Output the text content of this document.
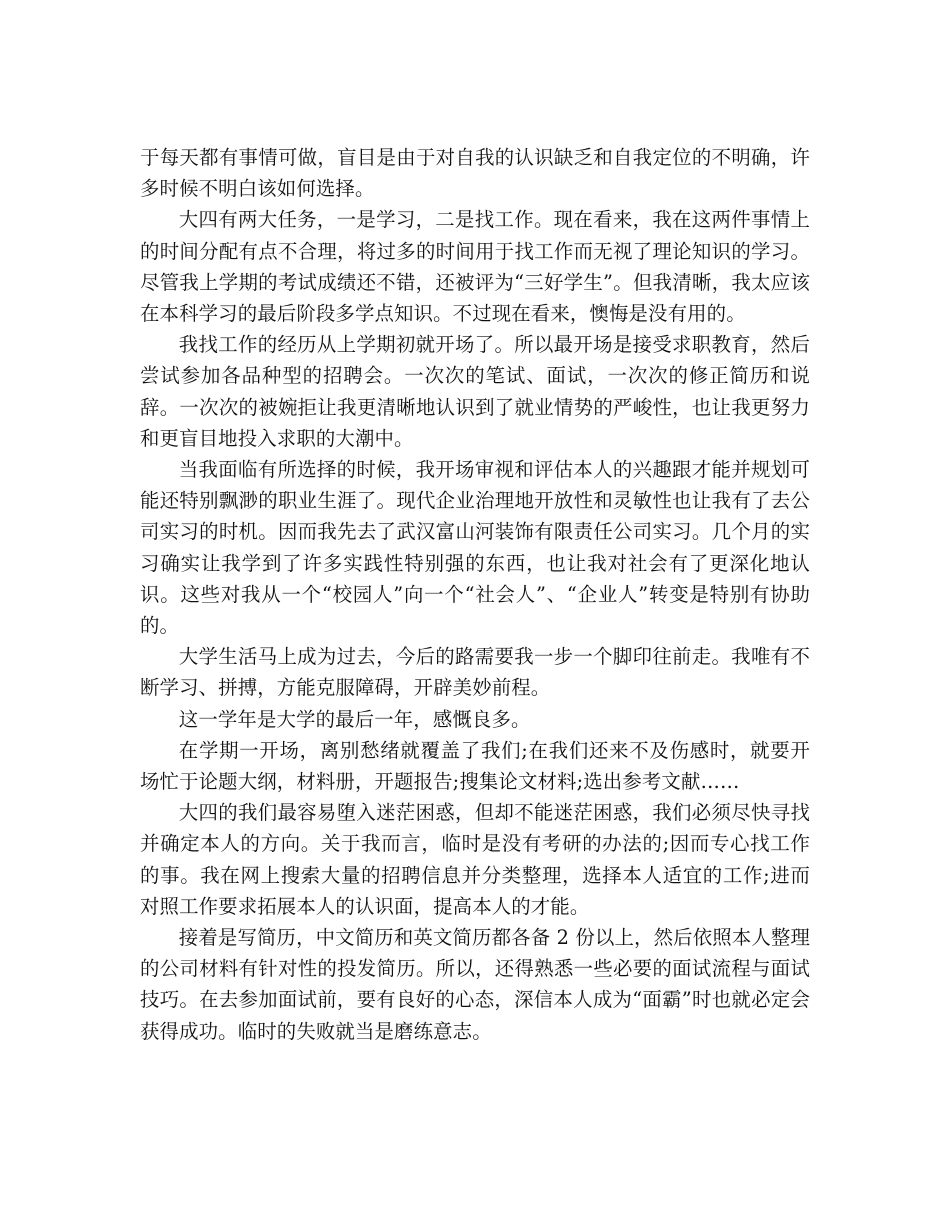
于每天都有事情可做，盲目是由于对自我的认识缺乏和自我定位的不明确，许多时候不明白该如何选择。

大四有两大任务，一是学习，二是找工作。现在看来，我在这两件事情上的时间分配有点不合理，将过多的时间用于找工作而无视了理论知识的学习。尽管我上学期的考试成绩还不错，还被评为“三好学生”。但我清晰，我太应该在本科学习的最后阶段多学点知识。不过现在看来，懊悔是没有用的。

我找工作的经历从上学期初就开场了。所以最开场是接受求职教育，然后尝试参加各品种型的招聘会。一次次的笔试、面试，一次次的修正简历和说辞。一次次的被婉拒让我更清晰地认识到了就业情势的严峻性，也让我更努力和更盲目地投入求职的大潮中。

当我面临有所选择的时候，我开场审视和评估本人的兴趣跟才能并规划可能还特别飘渺的职业生涯了。现代企业治理地开放性和灵敏性也让我有了去公司实习的时机。因而我先去了武汉富山河装饰有限责任公司实习。几个月的实习确实让我学到了许多实践性特别强的东西，也让我对社会有了更深化地认识。这些对我从一个“校园人”向一个“社会人”、“企业人”转变是特别有协助的。

大学生活马上成为过去，今后的路需要我一步一个脚印往前走。我唯有不断学习、拼搏，方能克服障碍，开辟美妙前程。

这一学年是大学的最后一年，感慨良多。

在学期一开场，离别愁绪就覆盖了我们;在我们还来不及伤感时，就要开场忙于论题大纲，材料册，开题报告;搜集论文材料;选出参考文献……

大四的我们最容易堕入迷茫困惑，但却不能迷茫困惑，我们必须尽快寻找并确定本人的方向。关于我而言，临时是没有考研的办法的;因而专心找工作的事。我在网上搜索大量的招聘信息并分类整理，选择本人适宜的工作;进而对照工作要求拓展本人的认识面，提高本人的才能。

接着是写简历，中文简历和英文简历都各备 2 份以上，然后依照本人整理的公司材料有针对性的投发简历。所以，还得熟悉一些必要的面试流程与面试技巧。在去参加面试前，要有良好的心态，深信本人成为“面霸”时也就必定会获得成功。临时的失败就当是磨练意志。
